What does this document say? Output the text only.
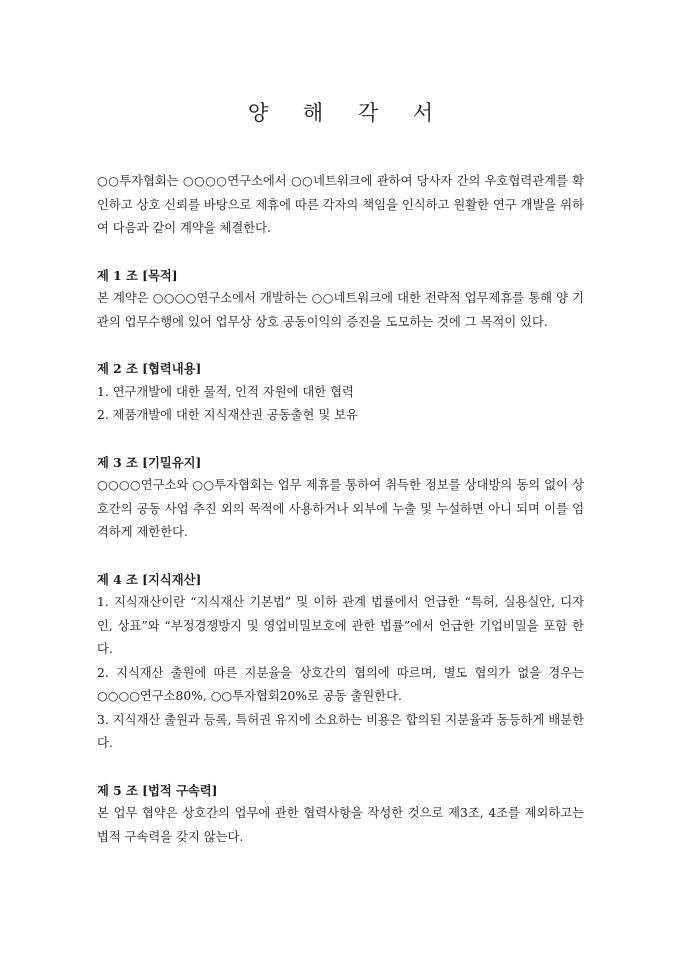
양 해 각 서

○○투자협회는 ○○○○연구소에서 ○○네트워크에 관하여 당사자 간의 우호협력관계를 확인하고 상호 신뢰를 바탕으로 제휴에 따른 각자의 책임을 인식하고 원활한 연구 개발을 위하여 다음과 같이 계약을 체결한다.

제 1 조 [목적]

본 계약은 ○○○○연구소에서 개발하는 ○○네트워크에 대한 전략적 업무제휴를 통해 양 기관의 업무수행에 있어 업무상 상호 공동이익의 증진을 도모하는 것에 그 목적이 있다.

제 2 조 [협력내용]

1. 연구개발에 대한 물적, 인적 자원에 대한 협력

2. 제품개발에 대한 지식재산권 공동출현 및 보유

제 3 조 [기밀유지]

○○○○연구소와 ○○투자협회는 업무 제휴를 통하여 취득한 정보를 상대방의 동의 없이 상호간의 공동 사업 추진 외의 목적에 사용하거나 외부에 누출 및 누설하면 아니 되며 이를 엄격하게 제한한다.

제 4 조 [지식재산]

1. 지식재산이란 “지식재산 기본법” 및 이하 관계 법률에서 언급한 “특허, 실용실안, 디자인, 상표”와 “부정경쟁방지 및 영업비밀보호에 관한 법률”에서 언급한 기업비밀을 포함 한다.

2. 지식재산 출원에 따른 지분율을 상호간의 협의에 따르며, 별도 협의가 없을 경우는 ○○○○연구소80%, ○○투자협회20%로 공동 출원한다.

3. 지식재산 출원과 등록, 특허권 유지에 소요하는 비용은 합의된 지분율과 동등하게 배분한다.

제 5 조 [법적 구속력]

본 업무 협약은 상호간의 업무에 관한 협력사항을 작성한 것으로 제3조, 4조를 제외하고는 법적 구속력을 갖지 않는다.
